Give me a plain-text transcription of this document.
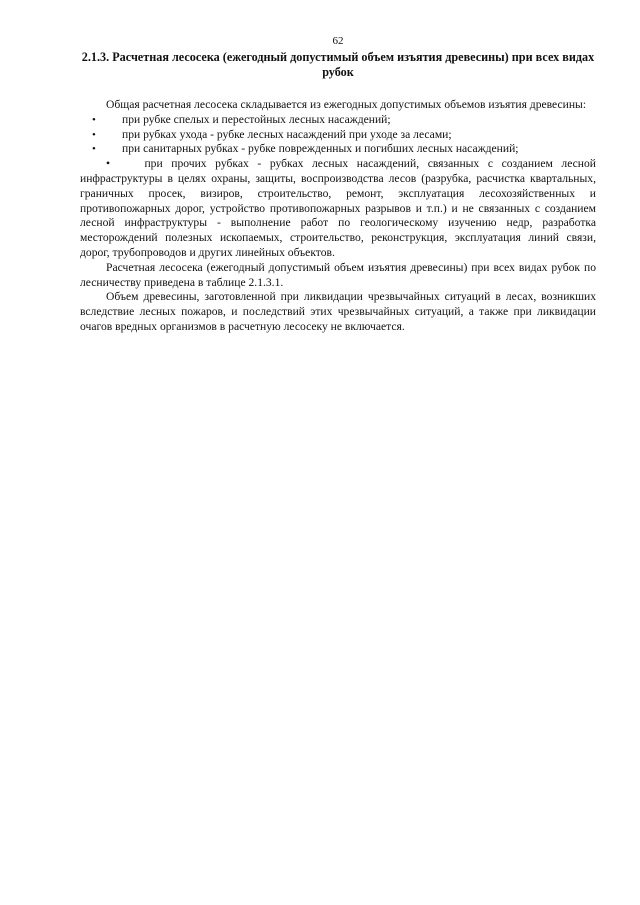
62
2.1.3. Расчетная лесосека (ежегодный допустимый объем изъятия древесины) при всех видах рубок

Общая расчетная лесосека складывается из ежегодных допустимых объемов изъятия древесины:

• при рубке спелых и перестойных лесных насаждений;
• при рубках ухода - рубке лесных насаждений при уходе за лесами;
• при санитарных рубках - рубке поврежденных и погибших лесных насаждений;

•	при прочих рубках - рубках лесных насаждений, связанных с созданием лесной инфраструктуры в целях охраны, защиты, воспроизводства лесов (разрубка, расчистка квартальных, граничных просек, визиров, строительство, ремонт, эксплуатация лесохозяйственных и противопожарных дорог, устройство противопожарных разрывов и т.п.) и не связанных с созданием лесной инфраструктуры - выполнение работ по геологическому изучению недр, разработка месторождений полезных ископаемых, строительство, реконструкция, эксплуатация линий связи, дорог, трубопроводов и других линейных объектов.

Расчетная лесосека (ежегодный допустимый объем изъятия древесины) при всех видах рубок по лесничеству приведена в таблице 2.1.3.1.

Объем древесины, заготовленной при ликвидации чрезвычайных ситуаций в лесах, возникших вследствие лесных пожаров, и последствий этих чрезвычайных ситуаций, а также при ликвидации очагов вредных организмов в расчетную лесосеку не включается.
